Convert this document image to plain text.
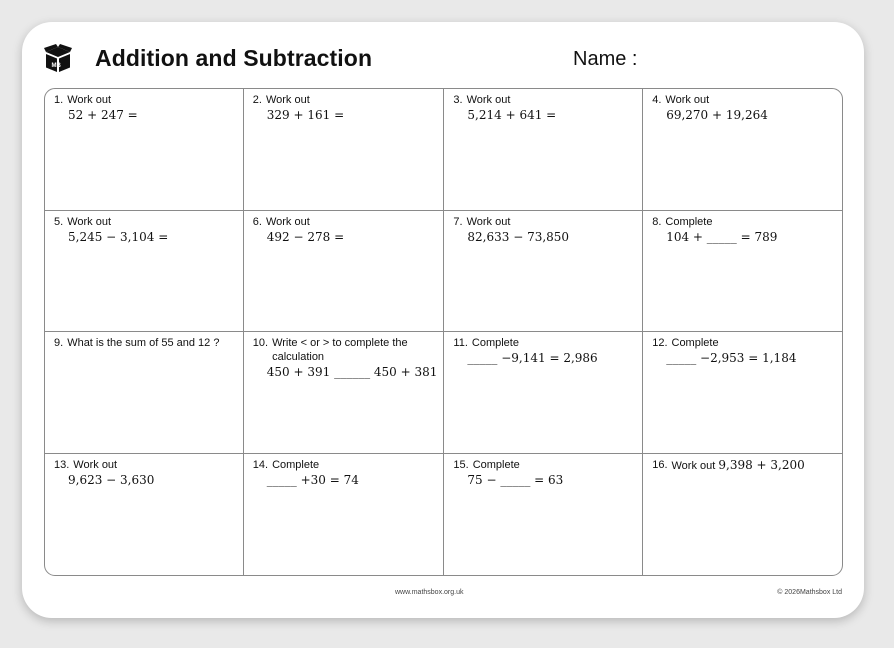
MB Addition and Subtraction	Name :
1. Work out
52 + 247 =
2. Work out
329 + 161 =
3. Work out
5,214 + 641 =
4. Work out
69,270 + 19,264
5. Work out
5,245 − 3,104 =
6. Work out
492 − 278 =
7. Work out
82,633 − 73,850
8. Complete
104 + _____ = 789
9. What is the sum of 55 and 12 ?	10. Write < or > to complete the calculation
450 + 391 ______ 450 + 381
11. Complete
_____ −9,141 = 2,986
12. Complete
_____ −2,953 = 1,184
13. Work out
9,623 − 3,630
14. Complete
_____ +30 = 74
15. Complete
75 − _____ = 63
16. Work out 9,398 + 3,200
www.mathsbox.org.uk	© 2026Mathsbox Ltd
